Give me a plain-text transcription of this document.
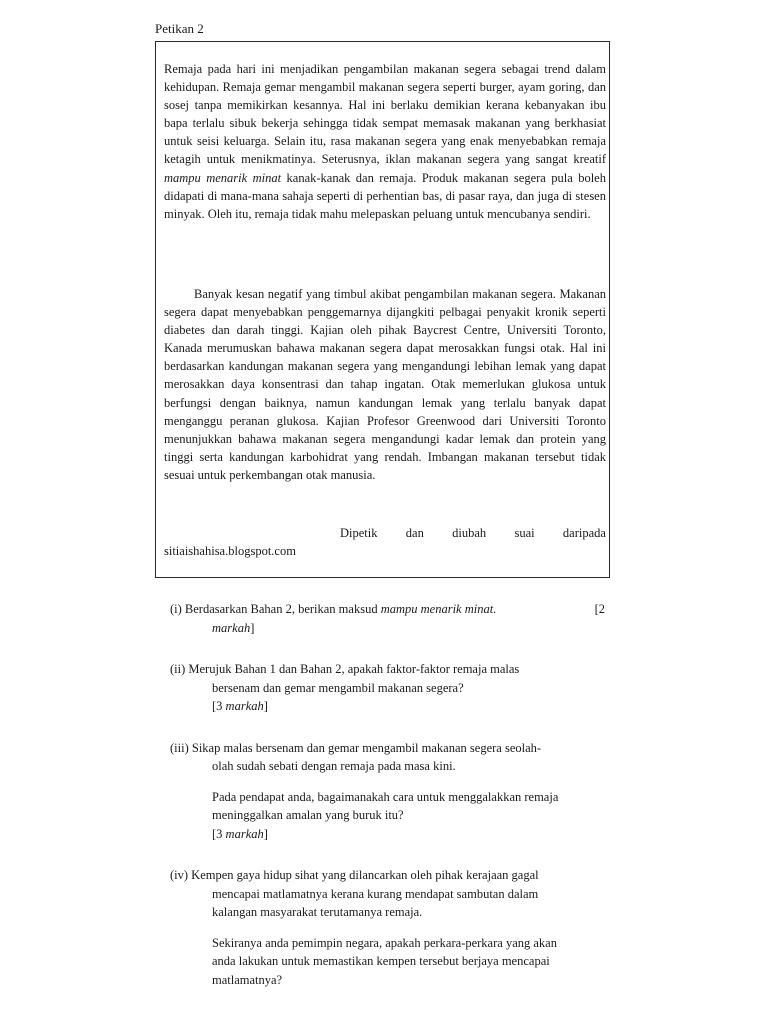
Petikan 2

Remaja pada hari ini menjadikan pengambilan makanan segera sebagai trend dalam kehidupan. Remaja gemar mengambil makanan segera seperti burger, ayam goring, dan sosej tanpa memikirkan kesannya. Hal ini berlaku demikian kerana kebanyakan ibu bapa terlalu sibuk bekerja sehingga tidak sempat memasak makanan yang berkhasiat untuk seisi keluarga. Selain itu, rasa makanan segera yang enak menyebabkan remaja ketagih untuk menikmatinya. Seterusnya, iklan makanan segera yang sangat kreatif mampu menarik minat kanak-kanak dan remaja. Produk makanan segera pula boleh didapati di mana-mana sahaja seperti di perhentian bas, di pasar raya, dan juga di stesen minyak. Oleh itu, remaja tidak mahu melepaskan peluang untuk mencubanya sendiri.

Banyak kesan negatif yang timbul akibat pengambilan makanan segera. Makanan segera dapat menyebabkan penggemarnya dijangkiti pelbagai penyakit kronik seperti diabetes dan darah tinggi. Kajian oleh pihak Baycrest Centre, Universiti Toronto, Kanada merumuskan bahawa makanan segera dapat merosakkan fungsi otak. Hal ini berdasarkan kandungan makanan segera yang mengandungi lebihan lemak yang dapat merosakkan daya konsentrasi dan tahap ingatan. Otak memerlukan glukosa untuk berfungsi dengan baiknya, namun kandungan lemak yang terlalu banyak dapat menganggu peranan glukosa. Kajian Profesor Greenwood dari Universiti Toronto menunjukkan bahawa makanan segera mengandungi kadar lemak dan protein yang tinggi serta kandungan karbohidrat yang rendah. Imbangan makanan tersebut tidak sesuai untuk perkembangan otak manusia.

Dipetik dan diubah suai daripada
sitiaishahisa.blogspot.com
(i) Berdasarkan Bahan 2, berikan maksud mampu menarik minat.	[2
markah]
(ii) Merujuk Bahan 1 dan Bahan 2, apakah faktor-faktor remaja malas
bersenam dan gemar mengambil makanan segera?
[3 markah]
(iii) Sikap malas bersenam dan gemar mengambil makanan segera seolah-
olah sudah sebati dengan remaja pada masa kini.
Pada pendapat anda, bagaimanakah cara untuk menggalakkan remaja
meninggalkan amalan yang buruk itu?
[3 markah]
(iv) Kempen gaya hidup sihat yang dilancarkan oleh pihak kerajaan gagal
mencapai matlamatnya kerana kurang mendapat sambutan dalam
kalangan masyarakat terutamanya remaja.
Sekiranya anda pemimpin negara, apakah perkara-perkara yang akan
anda lakukan untuk memastikan kempen tersebut berjaya mencapai
matlamatnya?
